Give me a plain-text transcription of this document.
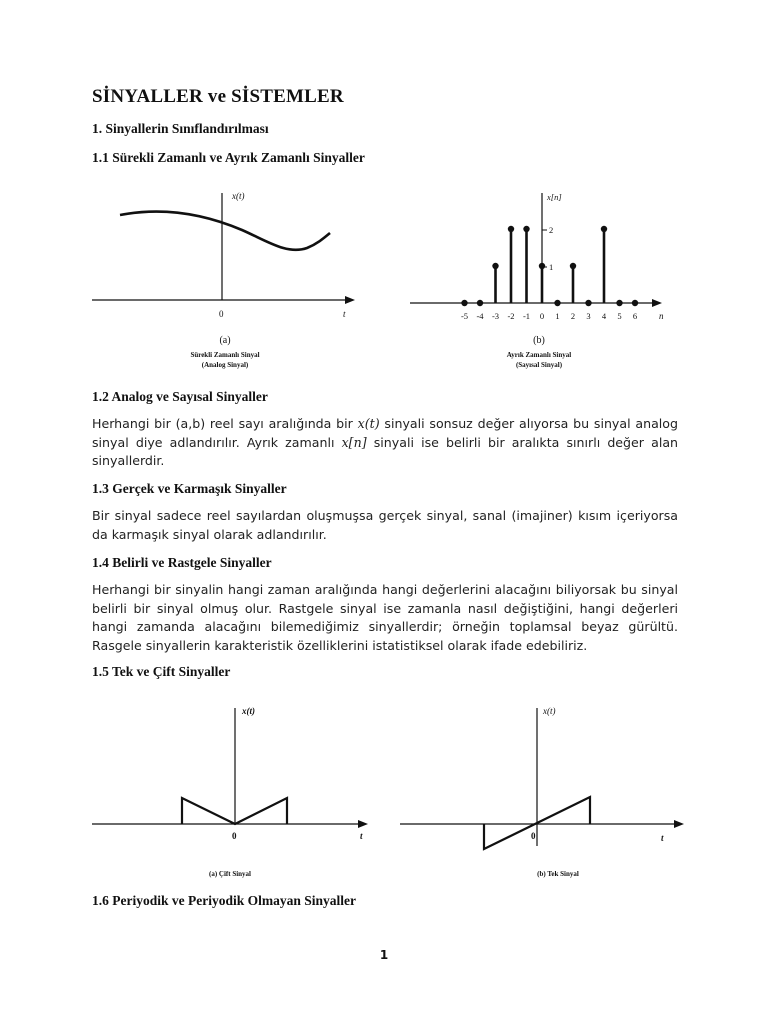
SİNYALLER ve SİSTEMLER
1. Sinyallerin Sınıflandırılması
1.1 Sürekli Zamanlı ve Ayrık Zamanlı Sinyaller
x(t)
0	t
(a)
Sürekli Zamanlı Sinyal
(Analog Sinyal)
-5 -4 -3 -2 -1 0 1 2 3 4 5 6
2
1
x[n]
n
(b)
Ayrık Zamanlı Sinyal
(Sayısal Sinyal)
1.2 Analog ve Sayısal Sinyaller

Herhangi bir (a,b) reel sayı aralığında bir x(t) sinyali sonsuz değer alıyorsa bu sinyal analog sinyal diye adlandırılır. Ayrık zamanlı x[n] sinyali ise belirli bir aralıkta sınırlı değer alan sinyallerdir.

1.3 Gerçek ve Karmaşık Sinyaller

Bir sinyal sadece reel sayılardan oluşmuşsa gerçek sinyal, sanal (imajiner) kısım içeriyorsa da karmaşık sinyal olarak adlandırılır.

1.4 Belirli ve Rastgele Sinyaller

Herhangi bir sinyalin hangi zaman aralığında hangi değerlerini alacağını biliyorsak bu sinyal belirli bir sinyal olmuş olur. Rastgele sinyal ise zamanla nasıl değiştiğini, hangi değerleri hangi zamanda alacağını bilemediğimiz sinyallerdir; örneğin toplamsal beyaz gürültü. Rasgele sinyallerin karakteristik özelliklerini istatistiksel olarak ifade edebiliriz.

1.5 Tek ve Çift Sinyaller
x(t)
0	t
(a) Çift Sinyal
x(t)
0	t
(b) Tek Sinyal
1.6 Periyodik ve Periyodik Olmayan Sinyaller
1
